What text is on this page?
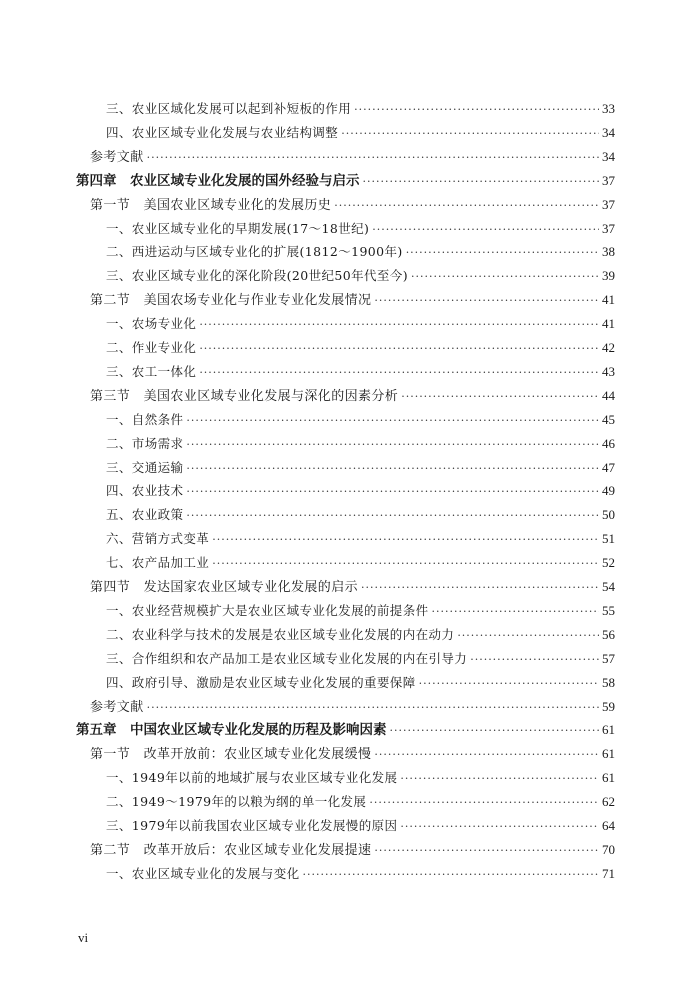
三、农业区域化发展可以起到补短板的作用 ·····	33
四、农业区域专业化发展与农业结构调整 ·····	34
参考文献 ·····	34
第四章　农业区域专业化发展的国外经验与启示 ·····	37
第一节　美国农业区域专业化的发展历史 ·····	37
一、农业区域专业化的早期发展(17～18世纪) ·····	37
二、西进运动与区域专业化的扩展(1812～1900年) ·····	38
三、农业区域专业化的深化阶段(20世纪50年代至今) ·····	39
第二节　美国农场专业化与作业专业化发展情况 ·····	41
一、农场专业化 ·····	41
二、作业专业化 ·····	42
三、农工一体化 ·····	43
第三节　美国农业区域专业化发展与深化的因素分析 ·····	44
一、自然条件 ·····	45
二、市场需求 ·····	46
三、交通运输 ·····	47
四、农业技术 ·····	49
五、农业政策 ·····	50
六、营销方式变革 ·····	51
七、农产品加工业 ·····	52
第四节　发达国家农业区域专业化发展的启示 ·····	54
一、农业经营规模扩大是农业区域专业化发展的前提条件 ·····	55
二、农业科学与技术的发展是农业区域专业化发展的内在动力 ·····	56
三、合作组织和农产品加工是农业区域专业化发展的内在引导力 ·····	57
四、政府引导、激励是农业区域专业化发展的重要保障 ·····	58
参考文献 ·····	59
第五章　中国农业区域专业化发展的历程及影响因素 ·····	61
第一节　改革开放前：农业区域专业化发展缓慢 ·····	61
一、1949年以前的地域扩展与农业区域专业化发展 ·····	61
二、1949～1979年的以粮为纲的单一化发展 ·····	62
三、1979年以前我国农业区域专业化发展慢的原因 ·····	64
第二节　改革开放后：农业区域专业化发展提速 ·····	70
一、农业区域专业化的发展与变化 ·····	71
vi
